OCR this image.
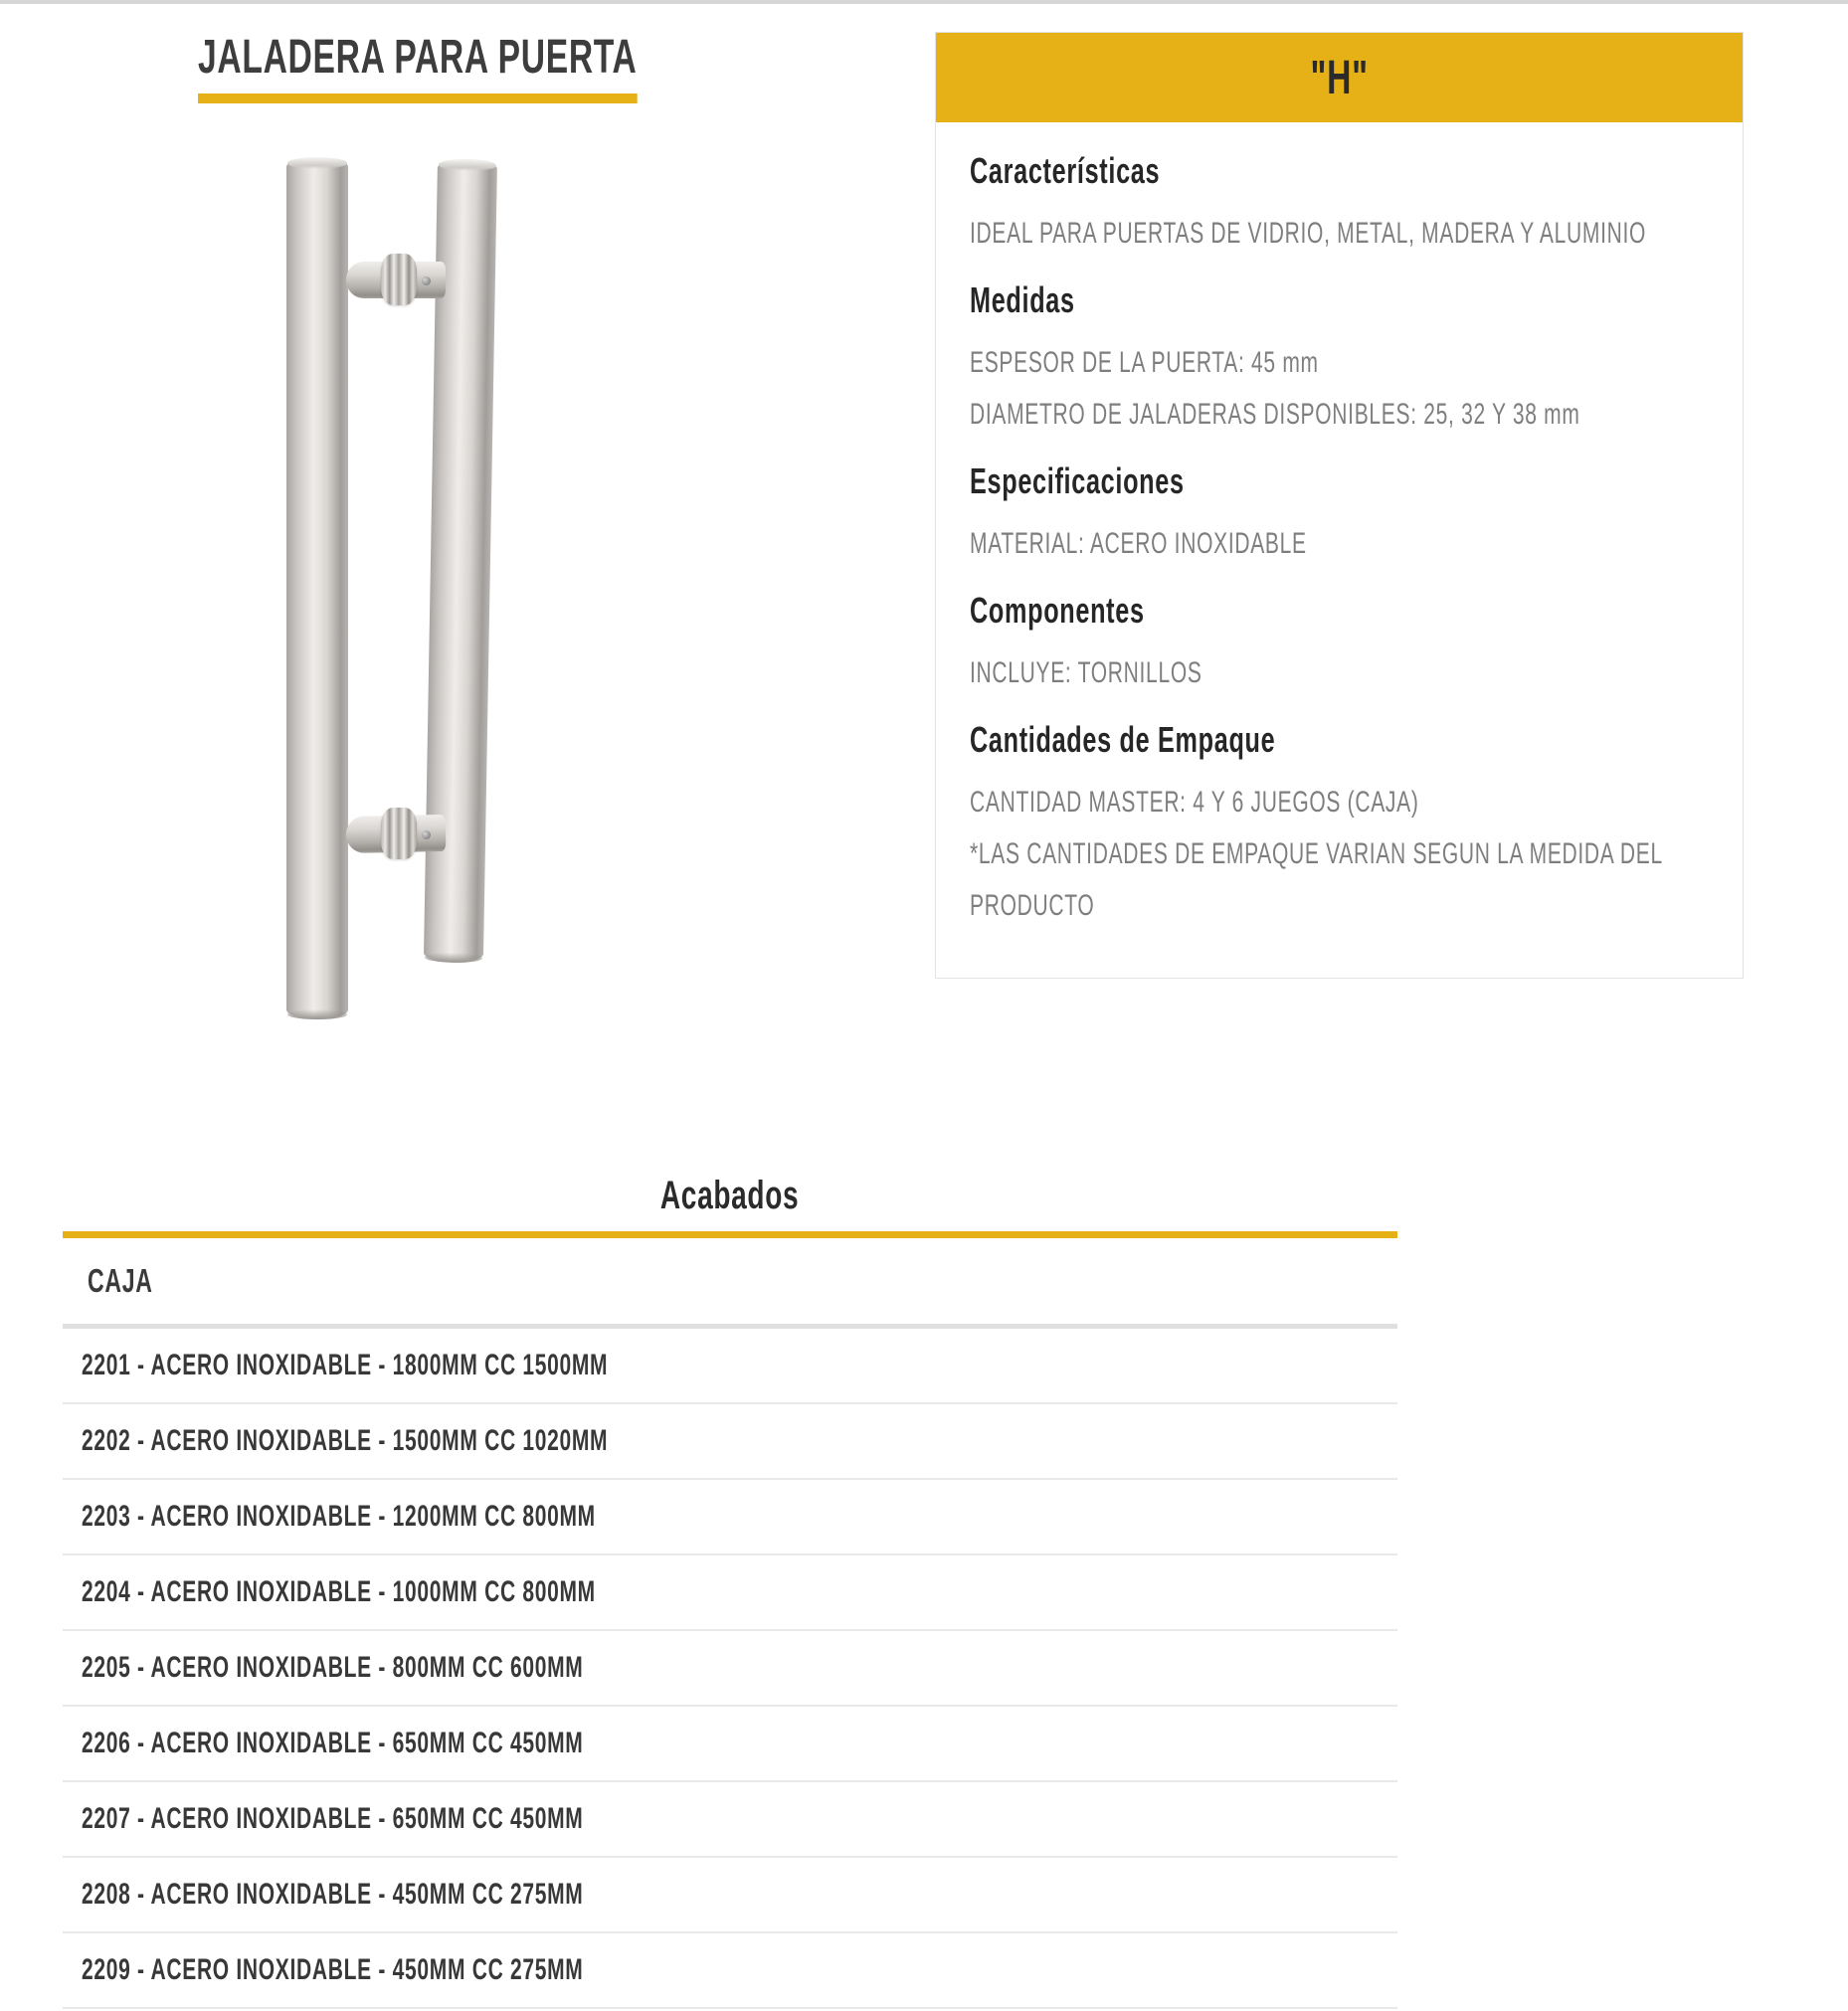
JALADERA PARA PUERTA	"H"
Características

IDEAL PARA PUERTAS DE VIDRIO, METAL, MADERA Y ALUMINIO

Medidas

ESPESOR DE LA PUERTA: 45 mm

DIAMETRO DE JALADERAS DISPONIBLES: 25, 32 Y 38 mm

Especificaciones

MATERIAL: ACERO INOXIDABLE

Componentes

INCLUYE: TORNILLOS

Cantidades de Empaque

CANTIDAD MASTER: 4 Y 6 JUEGOS (CAJA)

*LAS CANTIDADES DE EMPAQUE VARIAN SEGUN LA MEDIDA DEL

PRODUCTO

Acabados
CAJA
2201 - ACERO INOXIDABLE - 1800MM CC 1500MM
2202 - ACERO INOXIDABLE - 1500MM CC 1020MM
2203 - ACERO INOXIDABLE - 1200MM CC 800MM
2204 - ACERO INOXIDABLE - 1000MM CC 800MM
2205 - ACERO INOXIDABLE - 800MM CC 600MM
2206 - ACERO INOXIDABLE - 650MM CC 450MM
2207 - ACERO INOXIDABLE - 650MM CC 450MM
2208 - ACERO INOXIDABLE - 450MM CC 275MM
2209 - ACERO INOXIDABLE - 450MM CC 275MM
